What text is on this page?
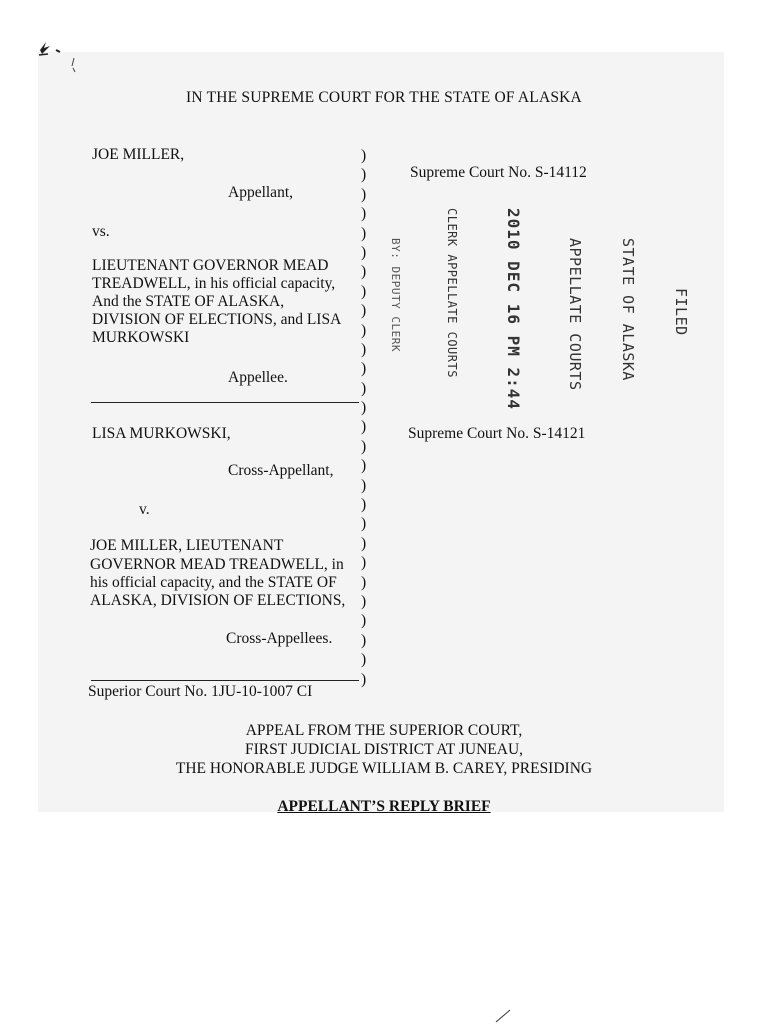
IN THE SUPREME COURT FOR THE STATE OF ALASKA
JOE MILLER,
Appellant,
vs.
LIEUTENANT GOVERNOR MEAD
TREADWELL, in his official capacity,
And the STATE OF ALASKA,
DIVISION OF ELECTIONS, and LISA
MURKOWSKI
Appellee.
Supreme Court No. S-14112
LISA MURKOWSKI,
Cross-Appellant,
v.
JOE MILLER, LIEUTENANT
GOVERNOR MEAD TREADWELL, in
his official capacity, and the STATE OF
ALASKA, DIVISION OF ELECTIONS,
Cross-Appellees.
Supreme Court No. S-14121
)
)
)
)
)
)
)
)
)
)
)
)
)
)
)
)
)
)
)
)
)
)
)
)
)
)
)
)
Superior Court No. 1JU-10-1007 CI
APPEAL FROM THE SUPERIOR COURT,
FIRST JUDICIAL DISTRICT AT JUNEAU,
THE HONORABLE JUDGE WILLIAM B. CAREY, PRESIDING
APPELLANT’S REPLY BRIEF

FILED

STATE OF ALASKA

APPELLATE COURTS

2010 DEC 16 PM 2:44

CLERK APPELLATE COURTS

BY: DEPUTY CLERK
